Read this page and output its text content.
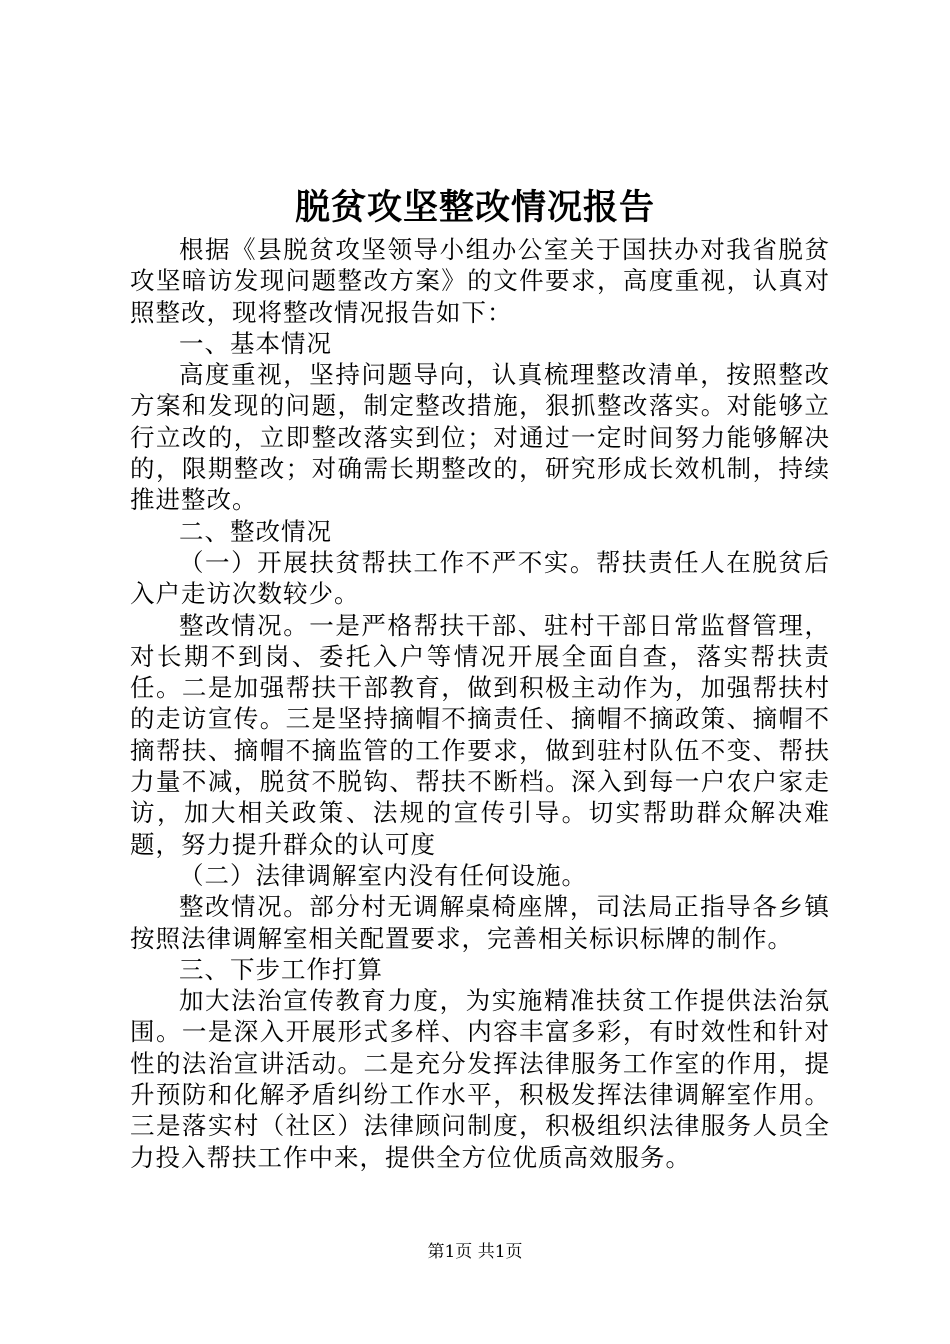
脱贫攻坚整改情况报告

根据《县脱贫攻坚领导小组办公室关于国扶办对我省脱贫攻坚暗访发现问题整改方案》的文件要求，高度重视，认真对照整改，现将整改情况报告如下：

一、基本情况

高度重视，坚持问题导向，认真梳理整改清单，按照整改方案和发现的问题，制定整改措施，狠抓整改落实。对能够立行立改的，立即整改落实到位；对通过一定时间努力能够解决的，限期整改；对确需长期整改的，研究形成长效机制，持续推进整改。

二、整改情况

（一）开展扶贫帮扶工作不严不实。帮扶责任人在脱贫后入户走访次数较少。

整改情况。一是严格帮扶干部、驻村干部日常监督管理，对长期不到岗、委托入户等情况开展全面自查，落实帮扶责任。二是加强帮扶干部教育，做到积极主动作为，加强帮扶村的走访宣传。三是坚持摘帽不摘责任、摘帽不摘政策、摘帽不摘帮扶、摘帽不摘监管的工作要求，做到驻村队伍不变、帮扶力量不减，脱贫不脱钩、帮扶不断档。深入到每一户农户家走访，加大相关政策、法规的宣传引导。切实帮助群众解决难题，努力提升群众的认可度

（二）法律调解室内没有任何设施。

整改情况。部分村无调解桌椅座牌，司法局正指导各乡镇按照法律调解室相关配置要求，完善相关标识标牌的制作。

三、下步工作打算

加大法治宣传教育力度，为实施精准扶贫工作提供法治氛围。一是深入开展形式多样、内容丰富多彩，有时效性和针对性的法治宣讲活动。二是充分发挥法律服务工作室的作用，提升预防和化解矛盾纠纷工作水平，积极发挥法律调解室作用。三是落实村（社区）法律顾问制度，积极组织法律服务人员全力投入帮扶工作中来，提供全方位优质高效服务。

第1页 共1页
